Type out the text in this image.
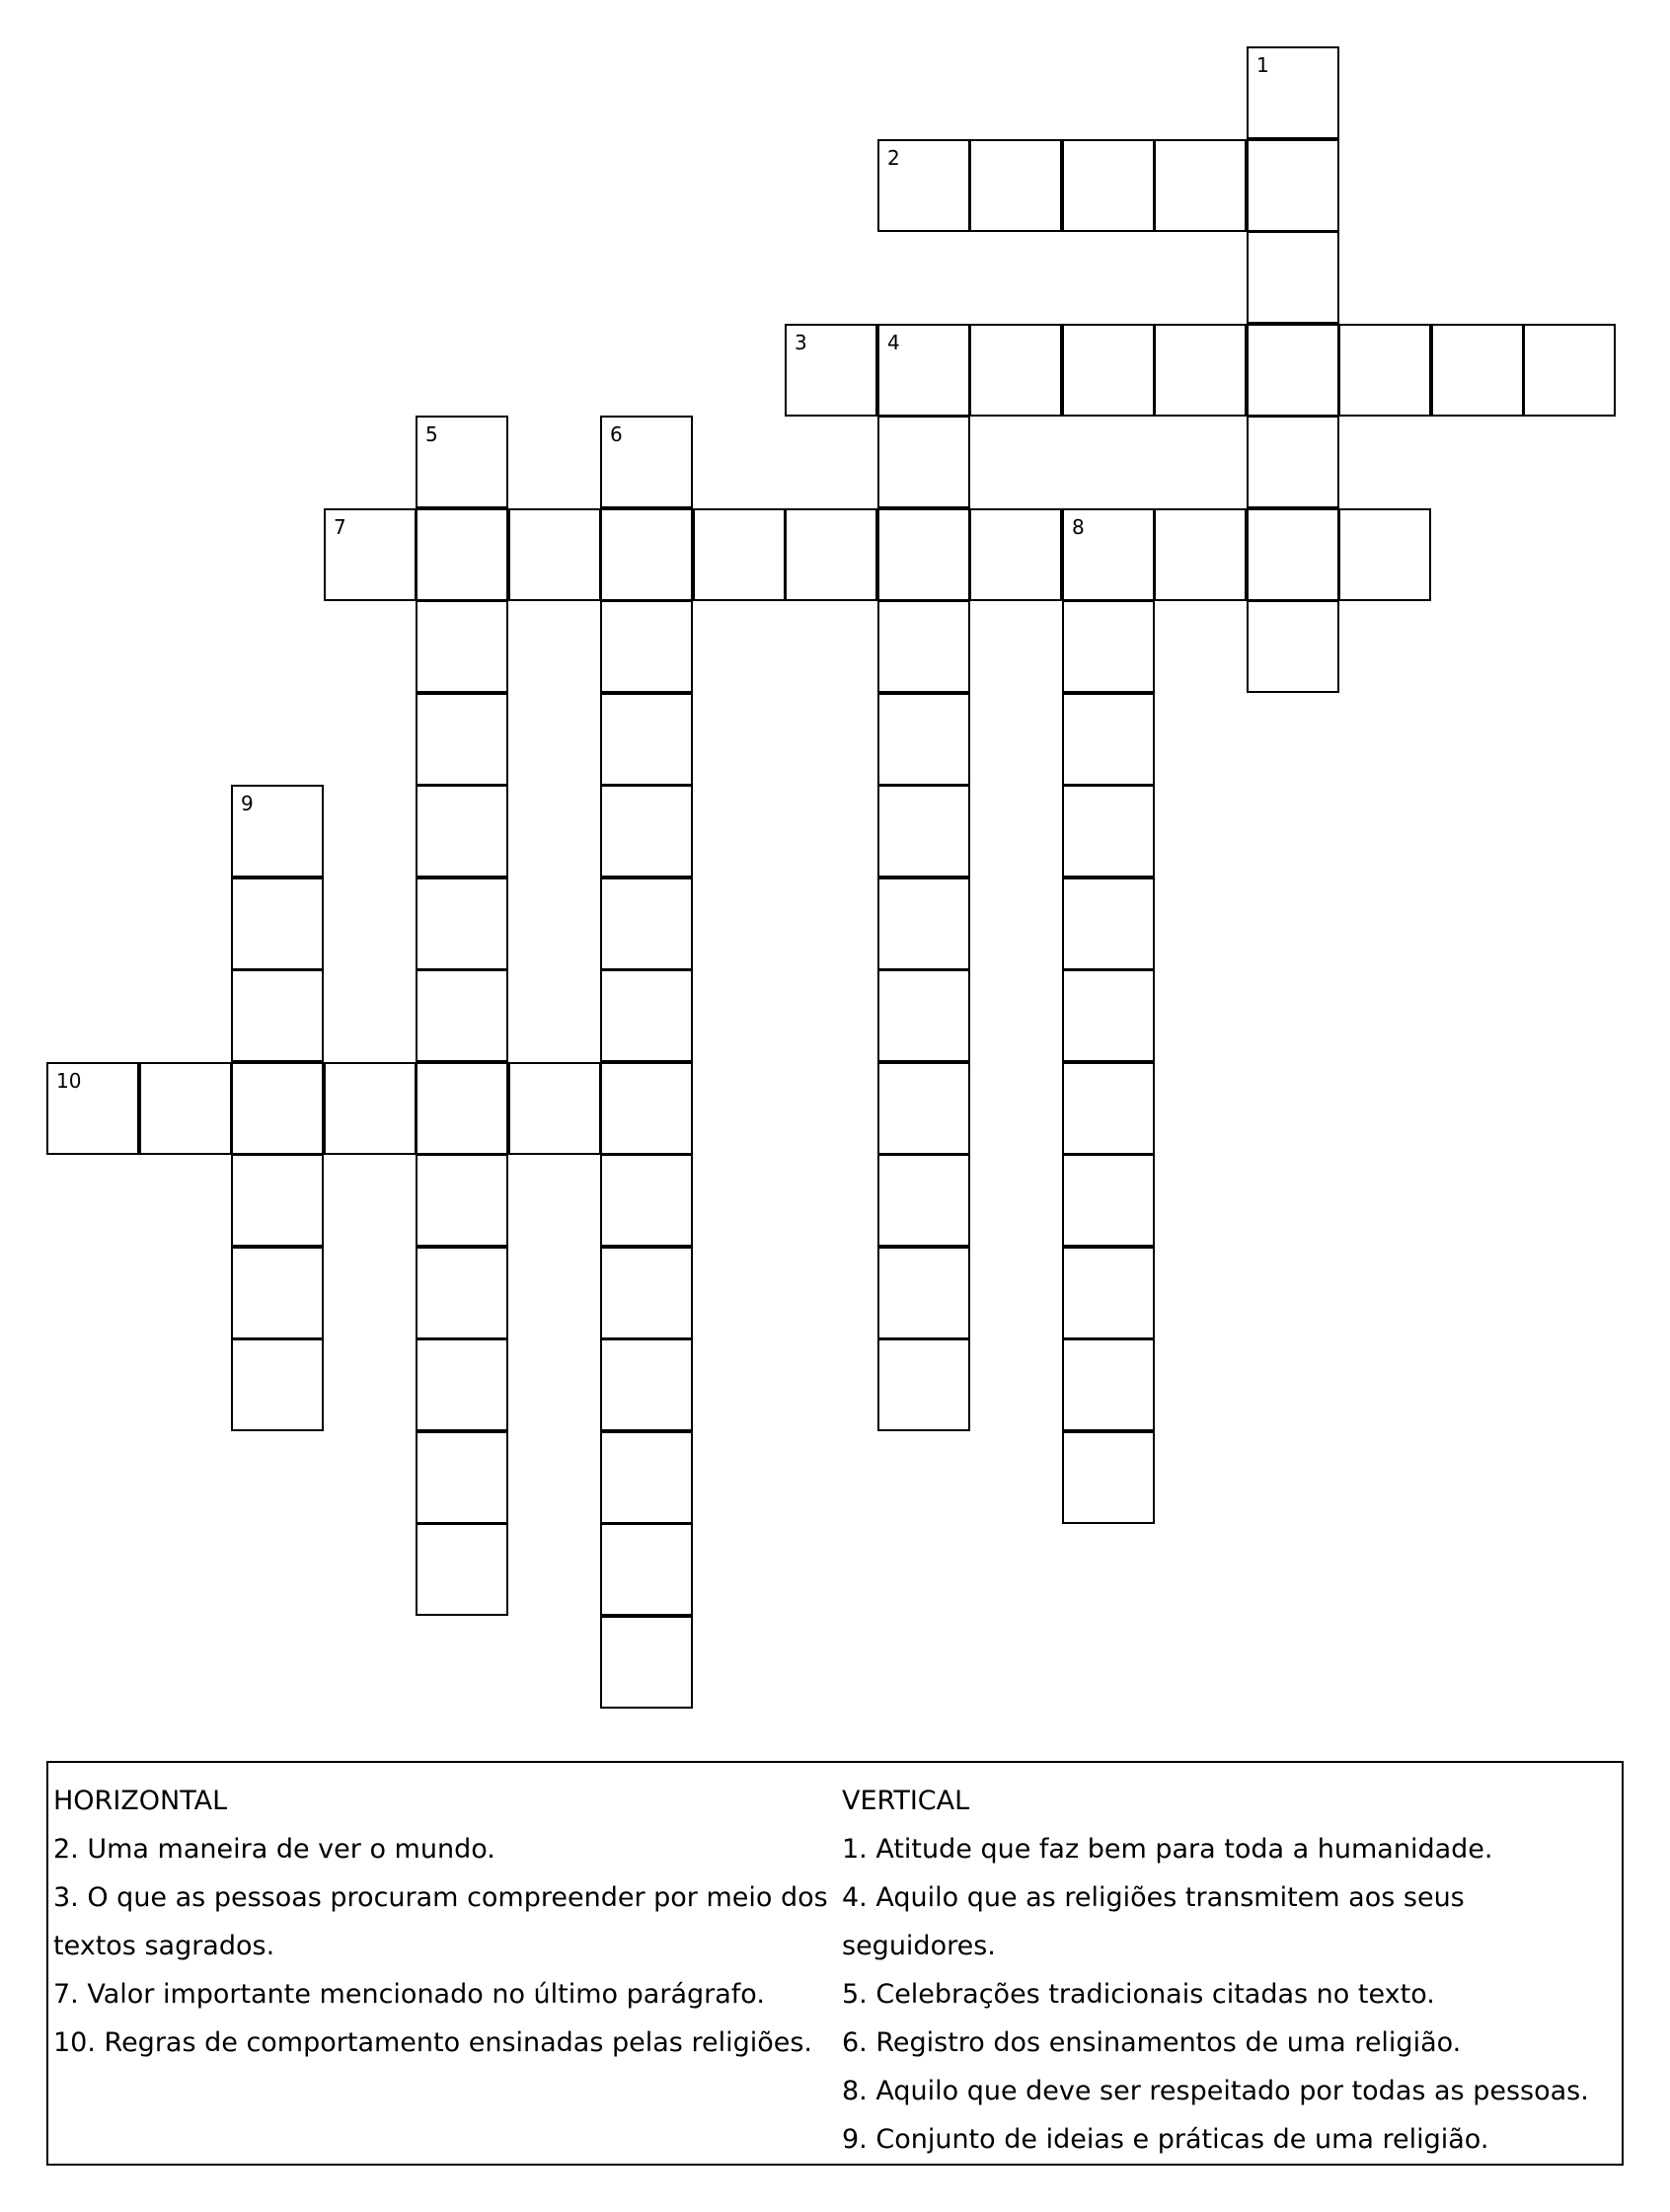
1
2
3	4
5	6
7	8
9
10
HORIZONTAL
2. Uma maneira de ver o mundo.
3. O que as pessoas procuram compreender por meio dos
textos sagrados.
7. Valor importante mencionado no último parágrafo.
10. Regras de comportamento ensinadas pelas religiões.
VERTICAL
1. Atitude que faz bem para toda a humanidade.
4. Aquilo que as religiões transmitem aos seus seguidores.
5. Celebrações tradicionais citadas no texto.
6. Registro dos ensinamentos de uma religião.
8. Aquilo que deve ser respeitado por todas as pessoas.
9. Conjunto de ideias e práticas de uma religião.
